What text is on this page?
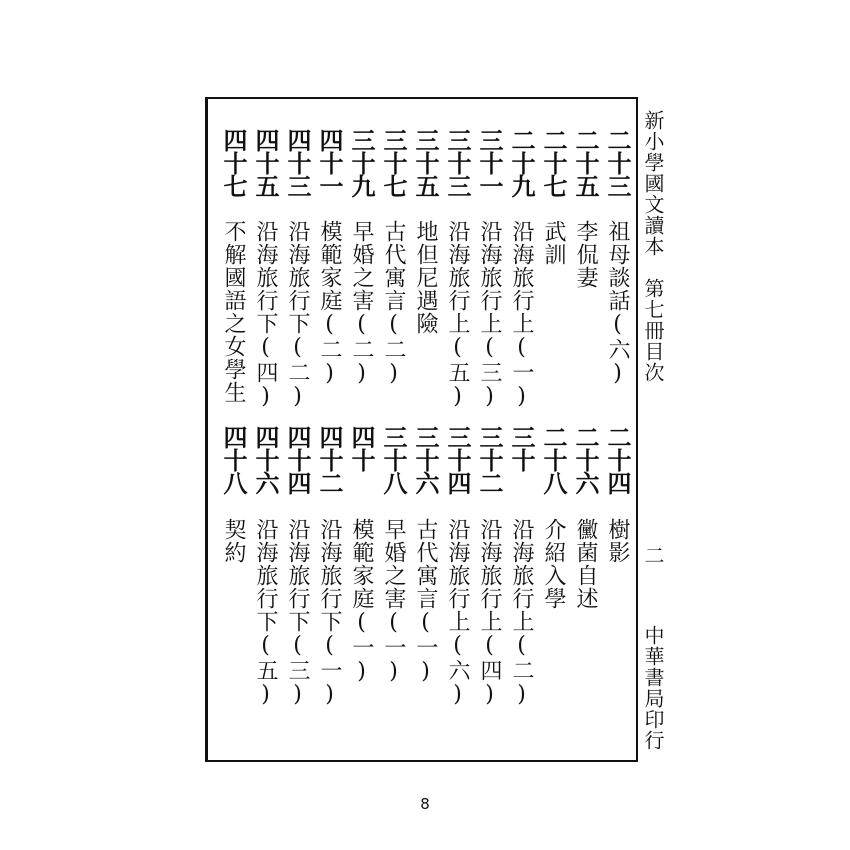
新小學國文讀本
第七冊目次
二
中華書局印行
二十三
祖母談話(六)
二十五
李侃妻
二十七
武訓
二十九
沿海旅行上(一)
三十一
沿海旅行上(三)
三十三
沿海旅行上(五)
三十五
地但尼遇險
三十七
古代寓言(二)
三十九
早婚之害(二)
四十一
模範家庭(二)
四十三
沿海旅行下(二)
四十五
沿海旅行下(四)
四十七
不解國語之女學生
二十四
樹影
二十六
黴菌自述
二十八
介紹入學
三十
沿海旅行上(二)
三十二
沿海旅行上(四)
三十四
沿海旅行上(六)
三十六
古代寓言(一)
三十八
早婚之害(一)
四十
模範家庭(一)
四十二
沿海旅行下(一)
四十四
沿海旅行下(三)
四十六
沿海旅行下(五)
四十八
契約
8
